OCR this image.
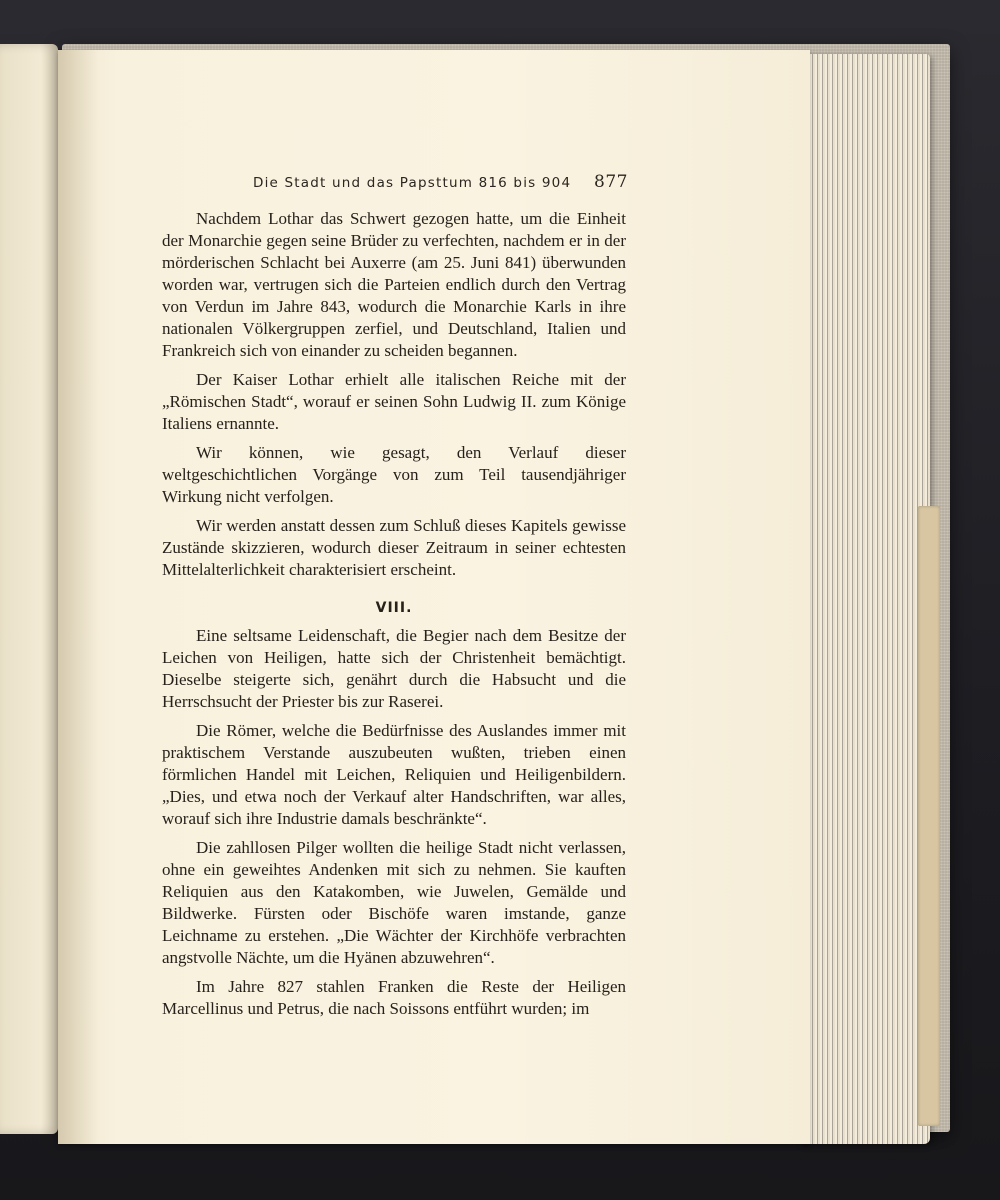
Die Stadt und das Papsttum 816 bis 904 877

Nachdem Lothar das Schwert gezogen hatte, um die Einheit der Monarchie gegen seine Brüder zu verfechten, nachdem er in der mörderischen Schlacht bei Auxerre (am 25. Juni 841) überwunden worden war, vertrugen sich die Parteien endlich durch den Vertrag von Verdun im Jahre 843, wodurch die Monarchie Karls in ihre nationalen Völkergruppen zerfiel, und Deutschland, Italien und Frankreich sich von einander zu scheiden begannen.

Der Kaiser Lothar erhielt alle italischen Reiche mit der „Römischen Stadt“, worauf er seinen Sohn Ludwig II. zum Könige Italiens ernannte.

Wir können, wie gesagt, den Verlauf dieser weltgeschichtlichen Vorgänge von zum Teil tausendjähriger Wirkung nicht verfolgen.

Wir werden anstatt dessen zum Schluß dieses Kapitels gewisse Zustände skizzieren, wodurch dieser Zeitraum in seiner echtesten Mittelalterlichkeit charakterisiert erscheint.

VIII.

Eine seltsame Leidenschaft, die Begier nach dem Besitze der Leichen von Heiligen, hatte sich der Christenheit bemächtigt. Dieselbe steigerte sich, genährt durch die Habsucht und die Herrschsucht der Priester bis zur Raserei.

Die Römer, welche die Bedürfnisse des Auslandes immer mit praktischem Verstande auszubeuten wußten, trieben einen förmlichen Handel mit Leichen, Reliquien und Heiligenbildern. „Dies, und etwa noch der Verkauf alter Handschriften, war alles, worauf sich ihre Industrie damals beschränkte“.

Die zahllosen Pilger wollten die heilige Stadt nicht verlassen, ohne ein geweihtes Andenken mit sich zu nehmen. Sie kauften Reliquien aus den Katakomben, wie Juwelen, Gemälde und Bildwerke. Fürsten oder Bischöfe waren imstande, ganze Leichname zu erstehen. „Die Wächter der Kirchhöfe verbrachten angstvolle Nächte, um die Hyänen abzuwehren“.

Im Jahre 827 stahlen Franken die Reste der Heiligen Marcellinus und Petrus, die nach Soissons entführt wurden; im
